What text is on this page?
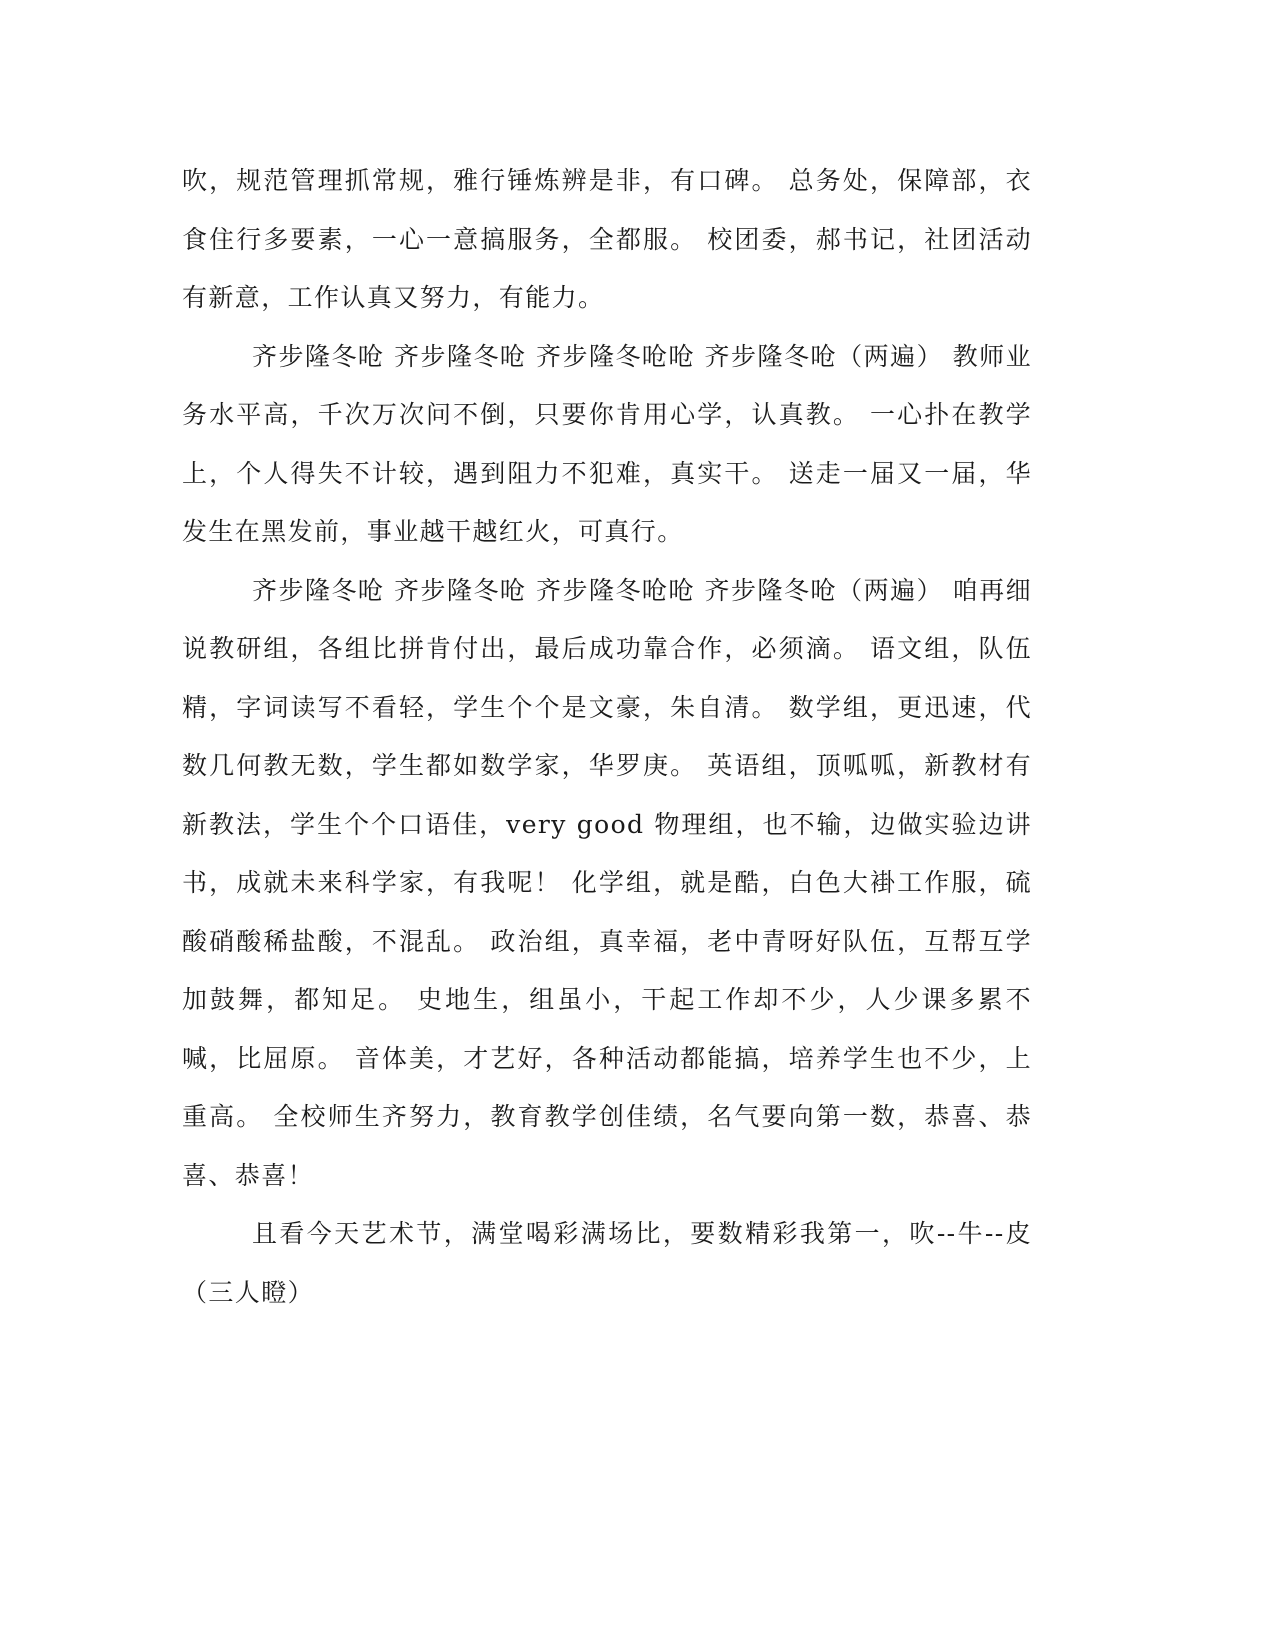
吹，规范管理抓常规，雅行锤炼辨是非，有口碑。 总务处，保障部，衣食住行多要素，一心一意搞服务，全都服。 校团委，郝书记，社团活动有新意，工作认真又努力，有能力。

齐步隆冬呛 齐步隆冬呛 齐步隆冬呛呛 齐步隆冬呛（两遍） 教师业务水平高，千次万次问不倒，只要你肯用心学，认真教。 一心扑在教学上，个人得失不计较，遇到阻力不犯难，真实干。 送走一届又一届，华发生在黑发前，事业越干越红火，可真行。

齐步隆冬呛 齐步隆冬呛 齐步隆冬呛呛 齐步隆冬呛（两遍） 咱再细说教研组，各组比拼肯付出，最后成功靠合作，必须滴。 语文组，队伍精，字词读写不看轻，学生个个是文豪，朱自清。 数学组，更迅速，代数几何教无数，学生都如数学家，华罗庚。 英语组，顶呱呱，新教材有新教法，学生个个口语佳，very good 物理组，也不输，边做实验边讲书，成就未来科学家，有我呢！ 化学组，就是酷，白色大褂工作服，硫酸硝酸稀盐酸，不混乱。 政治组，真幸福，老中青呀好队伍，互帮互学加鼓舞，都知足。 史地生，组虽小，干起工作却不少，人少课多累不喊，比屈原。 音体美，才艺好，各种活动都能搞，培养学生也不少，上重高。 全校师生齐努力，教育教学创佳绩，名气要向第一数，恭喜、恭喜、恭喜！

且看今天艺术节，满堂喝彩满场比，要数精彩我第一，吹--牛--皮（三人瞪）
